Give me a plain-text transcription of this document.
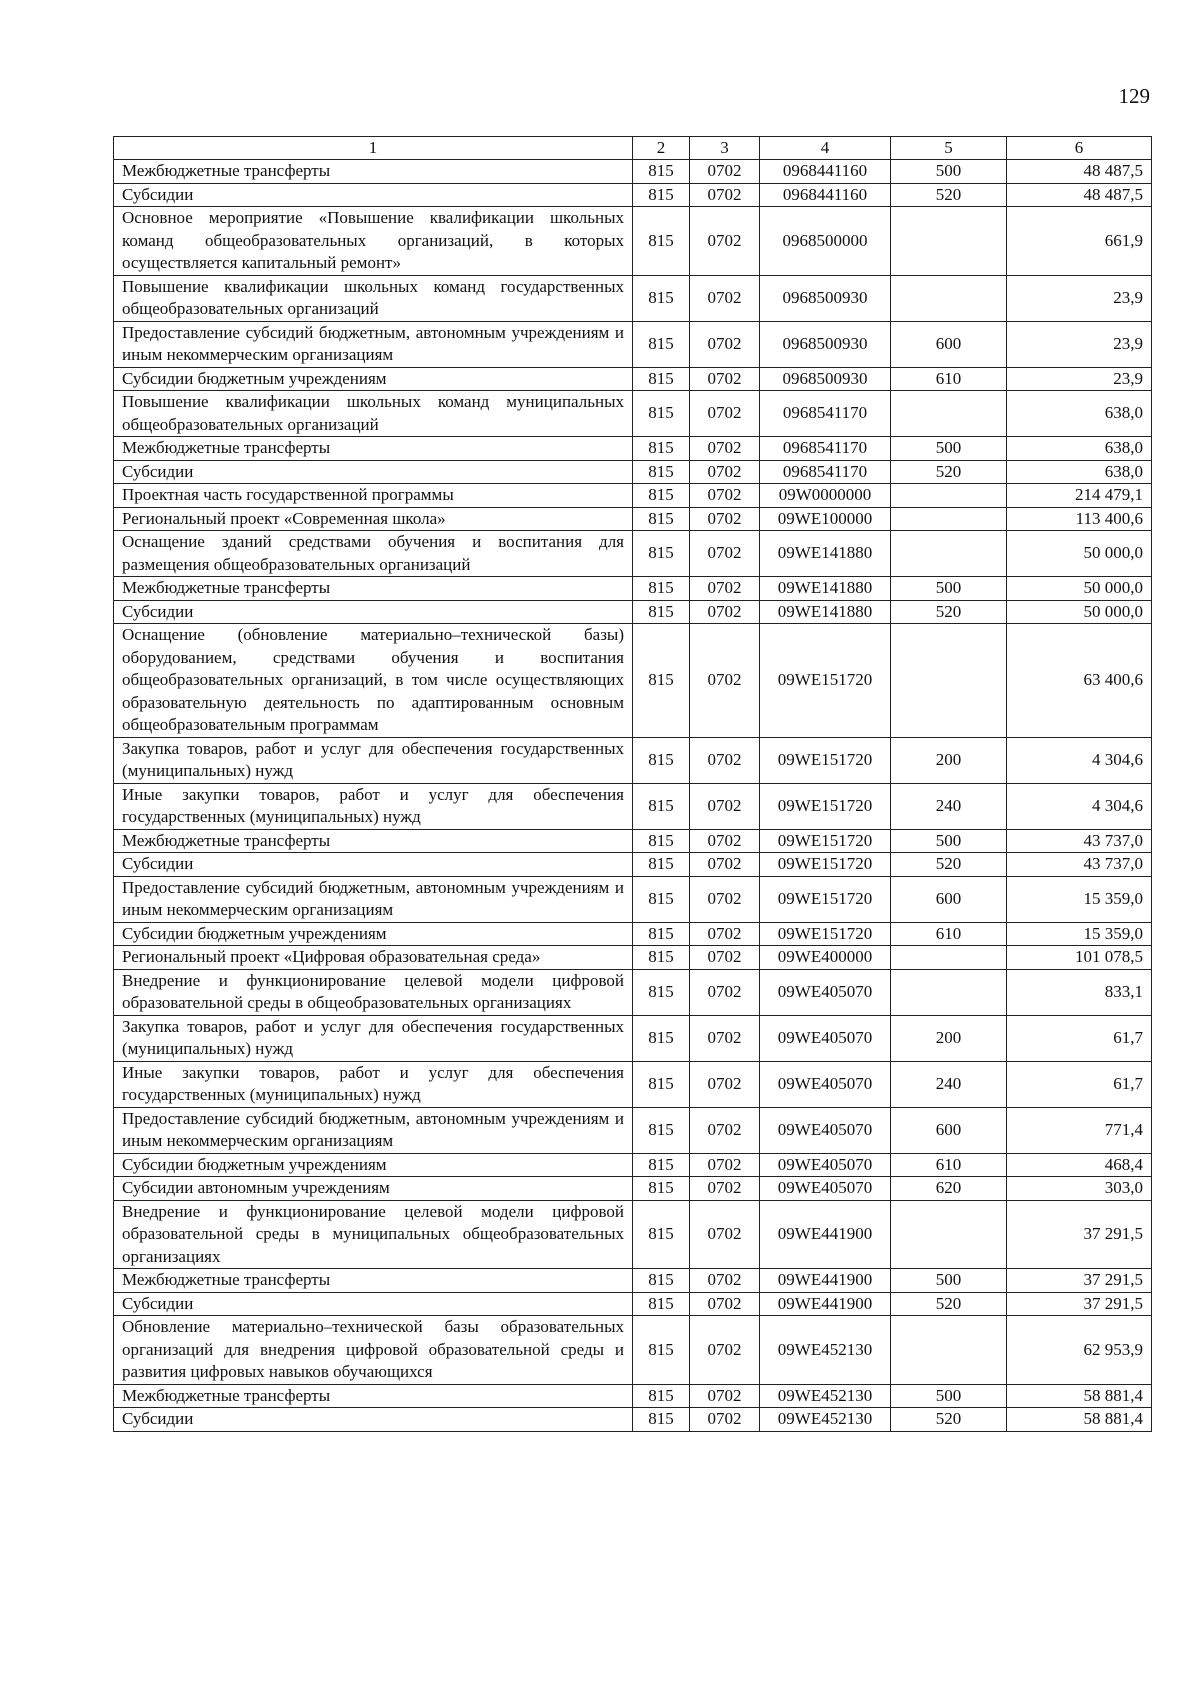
129
1	2	3	4	5	6
Межбюджетные трансферты	815	0702	0968441160	500	48 487,5
Субсидии	815	0702	0968441160	520	48 487,5
Основное мероприятие «Повышение квалификации школьных команд общеобразовательных организаций, в которых осуществляется капитальный ремонт»	815	0702	0968500000		661,9
Повышение квалификации школьных команд государственных общеобразовательных организаций	815	0702	0968500930		23,9
Предоставление субсидий бюджетным, автономным учреждениям и иным некоммерческим организациям	815	0702	0968500930	600	23,9
Субсидии бюджетным учреждениям	815	0702	0968500930	610	23,9
Повышение квалификации школьных команд муниципальных общеобразовательных организаций	815	0702	0968541170		638,0
Межбюджетные трансферты	815	0702	0968541170	500	638,0
Субсидии	815	0702	0968541170	520	638,0
Проектная часть государственной программы	815	0702	09W0000000		214 479,1
Региональный проект «Современная школа»	815	0702	09WE100000		113 400,6
Оснащение зданий средствами обучения и воспитания для размещения общеобразовательных организаций	815	0702	09WE141880		50 000,0
Межбюджетные трансферты	815	0702	09WE141880	500	50 000,0
Субсидии	815	0702	09WE141880	520	50 000,0
Оснащение (обновление материально–технической базы) оборудованием, средствами обучения и воспитания общеобразовательных организаций, в том числе осуществляющих образовательную деятельность по адаптированным основным общеобразовательным программам	815	0702	09WE151720		63 400,6
Закупка товаров, работ и услуг для обеспечения государственных (муниципальных) нужд	815	0702	09WE151720	200	4 304,6
Иные закупки товаров, работ и услуг для обеспечения государственных (муниципальных) нужд	815	0702	09WE151720	240	4 304,6
Межбюджетные трансферты	815	0702	09WE151720	500	43 737,0
Субсидии	815	0702	09WE151720	520	43 737,0
Предоставление субсидий бюджетным, автономным учреждениям и иным некоммерческим организациям	815	0702	09WE151720	600	15 359,0
Субсидии бюджетным учреждениям	815	0702	09WE151720	610	15 359,0
Региональный проект «Цифровая образовательная среда»	815	0702	09WE400000		101 078,5
Внедрение и функционирование целевой модели цифровой образовательной среды в общеобразовательных организациях	815	0702	09WE405070		833,1
Закупка товаров, работ и услуг для обеспечения государственных (муниципальных) нужд	815	0702	09WE405070	200	61,7
Иные закупки товаров, работ и услуг для обеспечения государственных (муниципальных) нужд	815	0702	09WE405070	240	61,7
Предоставление субсидий бюджетным, автономным учреждениям и иным некоммерческим организациям	815	0702	09WE405070	600	771,4
Субсидии бюджетным учреждениям	815	0702	09WE405070	610	468,4
Субсидии автономным учреждениям	815	0702	09WE405070	620	303,0
Внедрение и функционирование целевой модели цифровой образовательной среды в муниципальных общеобразовательных организациях	815	0702	09WE441900		37 291,5
Межбюджетные трансферты	815	0702	09WE441900	500	37 291,5
Субсидии	815	0702	09WE441900	520	37 291,5
Обновление материально–технической базы образовательных организаций для внедрения цифровой образовательной среды и развития цифровых навыков обучающихся	815	0702	09WE452130		62 953,9
Межбюджетные трансферты	815	0702	09WE452130	500	58 881,4
Субсидии	815	0702	09WE452130	520	58 881,4
